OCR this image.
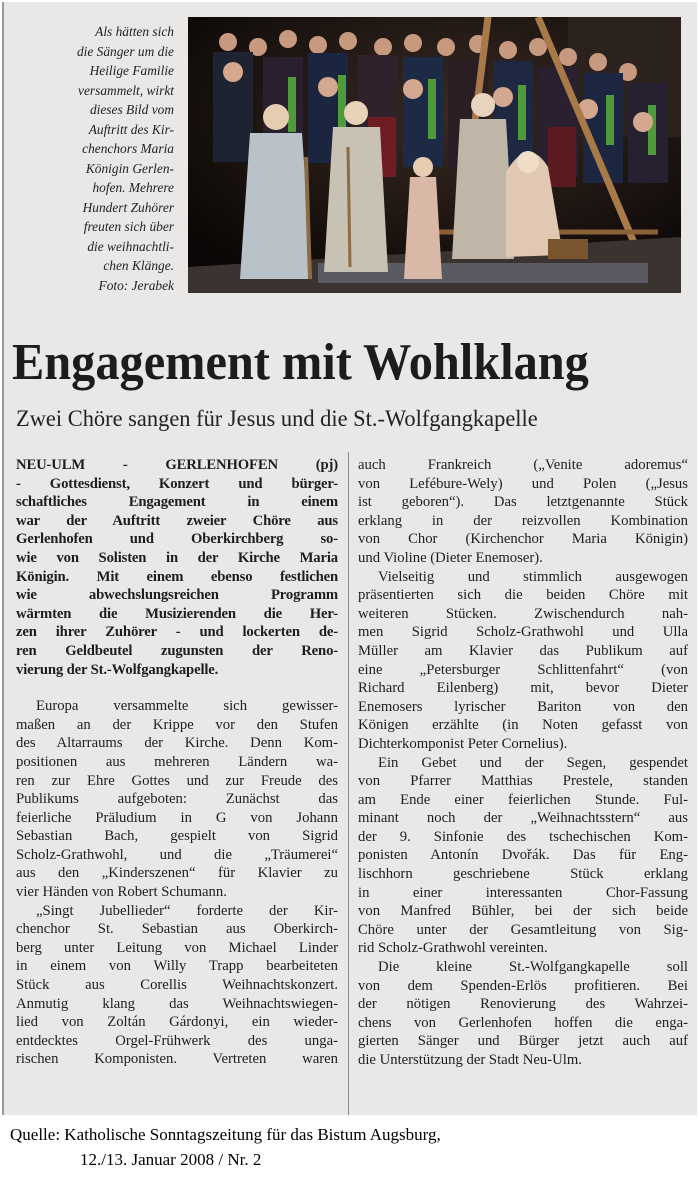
Als hätten sich
die Sänger um die
Heilige Familie
versammelt, wirkt
dieses Bild vom
Auftritt des Kir-
chenchors Maria
Königin Gerlen-
hofen. Mehrere
Hundert Zuhörer
freuten sich über
die weihnachtli-
chen Klänge.
Foto: Jerabek
Engagement mit Wohlklang
Zwei Chöre sangen für Jesus und die St.-Wolfgangkapelle

NEU-ULM - GERLENHOFEN (pj)
- Gottesdienst, Konzert und bürger-
schaftliches Engagement in einem
war der Auftritt zweier Chöre aus
Gerlenhofen und Oberkirchberg so-
wie von Solisten in der Kirche Maria
Königin. Mit einem ebenso festlichen
wie abwechslungsreichen Programm
wärmten die Musizierenden die Her-
zen ihrer Zuhörer - und lockerten de-
ren Geldbeutel zugunsten der Reno-
vierung der St.-Wolfgangkapelle.

Europa versammelte sich gewisser-
maßen an der Krippe vor den Stufen
des Altarraums der Kirche. Denn Kom-
positionen aus mehreren Ländern wa-
ren zur Ehre Gottes und zur Freude des
Publikums aufgeboten: Zunächst das
feierliche Präludium in G von Johann
Sebastian Bach, gespielt von Sigrid
Scholz-Grathwohl, und die „Träumerei“
aus den „Kinderszenen“ für Klavier zu
vier Händen von Robert Schumann.

„Singt Jubellieder“ forderte der Kir-
chenchor St. Sebastian aus Oberkirch-
berg unter Leitung von Michael Linder
in einem von Willy Trapp bearbeiteten
Stück aus Corellis Weihnachtskonzert.
Anmutig klang das Weihnachtswiegen-
lied von Zoltán Gárdonyi, ein wieder-
entdecktes Orgel-Frühwerk des unga-
rischen Komponisten. Vertreten waren

auch Frankreich („Venite adoremus“
von Lefébure-Wely) und Polen („Jesus
ist geboren“). Das letztgenannte Stück
erklang in der reizvollen Kombination
von Chor (Kirchenchor Maria Königin)
und Violine (Dieter Enemoser).

Vielseitig und stimmlich ausgewogen
präsentierten sich die beiden Chöre mit
weiteren Stücken. Zwischendurch nah-
men Sigrid Scholz-Grathwohl und Ulla
Müller am Klavier das Publikum auf
eine „Petersburger Schlittenfahrt“ (von
Richard Eilenberg) mit, bevor Dieter
Enemosers lyrischer Bariton von den
Königen erzählte (in Noten gefasst von
Dichterkomponist Peter Cornelius).

Ein Gebet und der Segen, gespendet
von Pfarrer Matthias Prestele, standen
am Ende einer feierlichen Stunde. Ful-
minant noch der „Weihnachtsstern“ aus
der 9. Sinfonie des tschechischen Kom-
ponisten Antonín Dvořák. Das für Eng-
lischhorn geschriebene Stück erklang
in einer interessanten Chor-Fassung
von Manfred Bühler, bei der sich beide
Chöre unter der Gesamtleitung von Sig-
rid Scholz-Grathwohl vereinten.

Die kleine St.-Wolfgangkapelle soll
von dem Spenden-Erlös profitieren. Bei
der nötigen Renovierung des Wahrzei-
chens von Gerlenhofen hoffen die enga-
gierten Sänger und Bürger jetzt auch auf
die Unterstützung der Stadt Neu-Ulm.

Quelle: Katholische Sonntagszeitung für das Bistum Augsburg,
12./13. Januar 2008 / Nr. 2
